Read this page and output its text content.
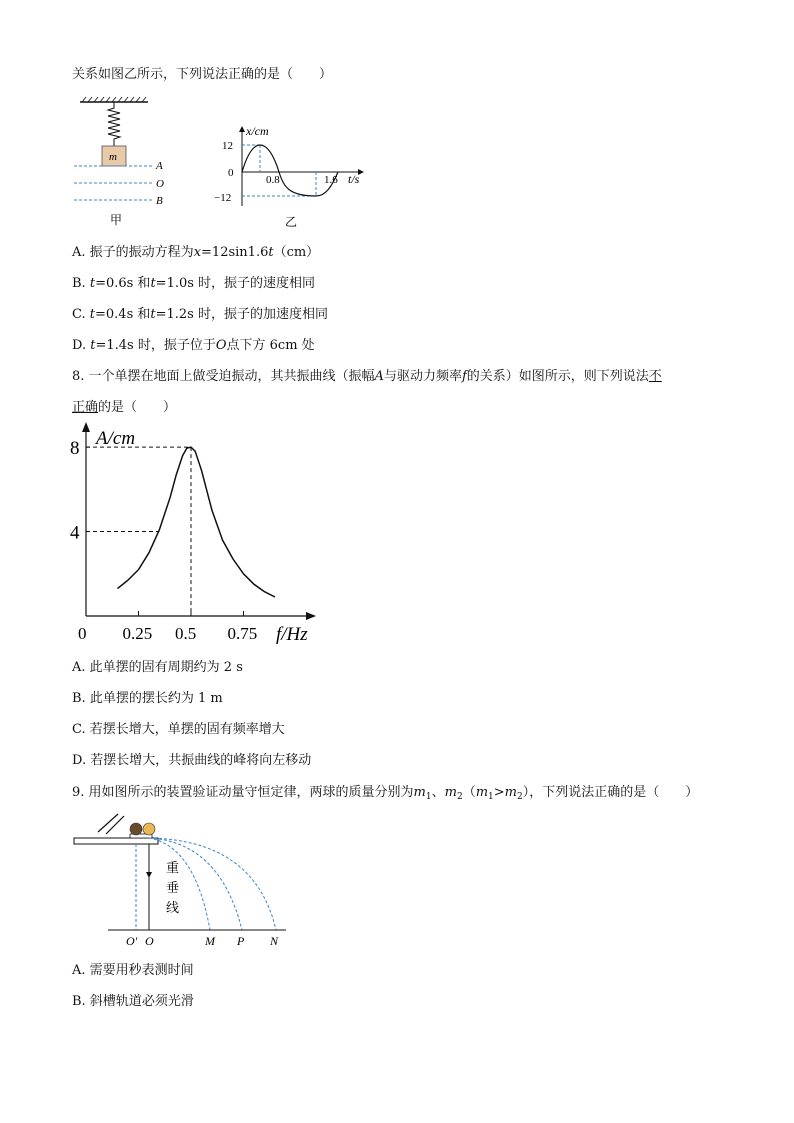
关系如图乙所示，下列说法正确的是（　　）
m
A
O
B
甲
x/cm
t/s
12
0
−12
0.8	1.6
乙
A. 振子的振动方程为x=12sin1.6t（cm）
B. t=0.6s 和t=1.0s 时，振子的速度相同
C. t=0.4s 和t=1.2s 时，振子的加速度相同
D. t=1.4s 时，振子位于O点下方 6cm 处
8. 一个单摆在地面上做受迫振动，其共振曲线（振幅A与驱动力频率f的关系）如图所示，则下列说法不
正确的是（　　）
A/cm
f/Hz
0 0.25 0.5 0.75
4
8
A. 此单摆的固有周期约为 2 s
B. 此单摆的摆长约为 1 m
C. 若摆长增大，单摆的固有频率增大
D. 若摆长增大，共振曲线的峰将向左移动
9. 用如图所示的装置验证动量守恒定律，两球的质量分别为$m_1$、$m_2(m_1>m_2)$，下列说法正确的是（　　）
重
垂
线
O′ O	M P N
A. 需要用秒表测时间
B. 斜槽轨道必须光滑
